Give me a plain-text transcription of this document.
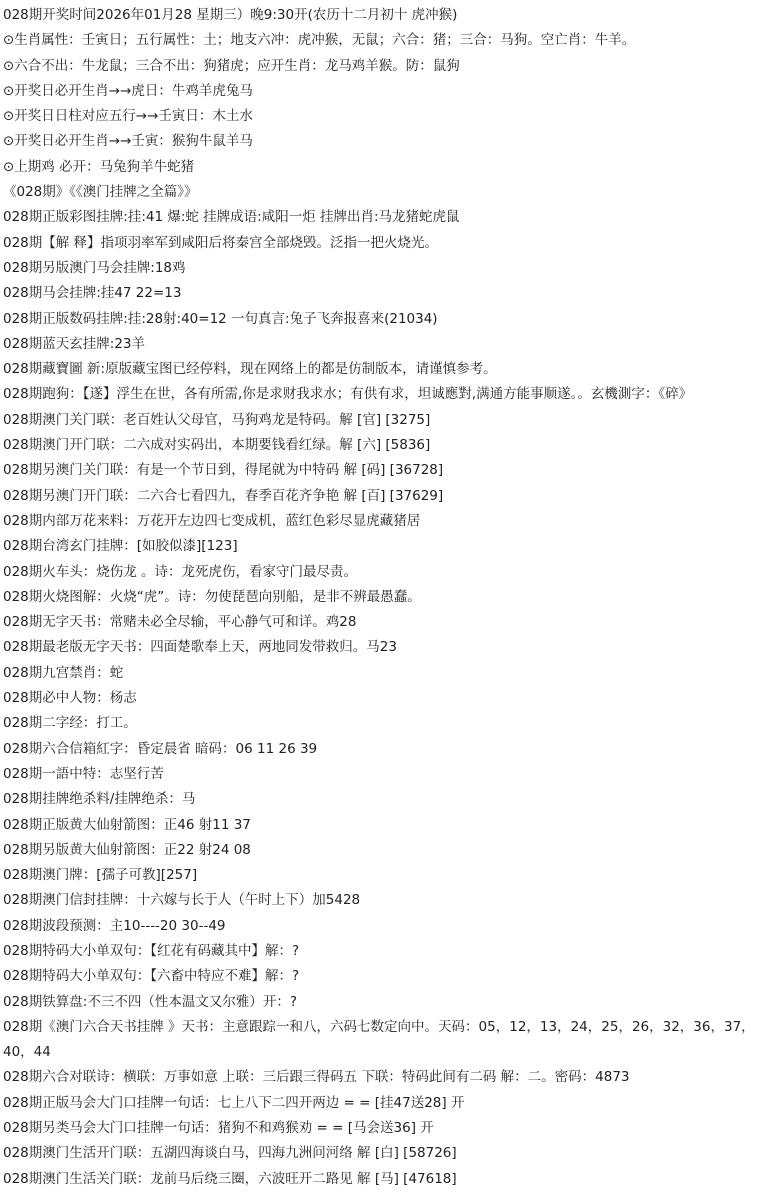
028期开奖时间2026年01月28 星期三）晚9:30开(农历十二月初十 虎冲猴)
⊙生肖属性：壬寅日；五行属性：土；地支六冲：虎冲猴，无鼠；六合：猪；三合：马狗。空亡肖：牛羊。
⊙六合不出：牛龙鼠；三合不出：狗猪虎；应开生肖：龙马鸡羊猴。防：鼠狗
⊙开奖日必开生肖→→虎日：牛鸡羊虎兔马
⊙开奖日日柱对应五行→→壬寅日：木土水
⊙开奖日必开生肖→→壬寅：猴狗牛鼠羊马
⊙上期鸡 必开：马兔狗羊牛蛇猪
《028期》《《澳门挂牌之全篇》》
028期正版彩图挂牌:挂:41 爆:蛇 挂牌成语:咸阳一炬 挂牌出肖:马龙猪蛇虎鼠
028期【解 释】指项羽率军到咸阳后将秦宫全部烧毁。泛指一把火烧光。
028期另版澳门马会挂牌:18鸡
028期马会挂牌:挂47 22=13
028期正版数码挂牌:挂:28射:40=12 一句真言:兔子飞奔报喜来(21034)
028期蓝天玄挂牌:23羊
028期藏寶圖 新:原版藏宝图已经停料，现在网络上的都是仿制版本，请谨慎参考。
028期跑狗：【遂】浮生在世，各有所需,你是求财我求水；有供有求，坦诚應對,满通方能事顺遂。。玄機測字：《碎》
028期澳门关门联：老百姓认父母官，马狗鸡龙是特码。解 [官] [3275]
028期澳门开门联：二六成对实码出，本期要钱看红绿。解 [六] [5836]
028期另澳门关门联：有是一个节日到，得尾就为中特码 解 [码] [36728]
028期另澳门开门联：二六合七看四九，春季百花齐争艳 解 [百] [37629]
028期内部万花来料：万花开左边四七变成机，蓝红色彩尽显虎藏猪居
028期台湾玄门挂牌：[如胶似漆][123]
028期火车头：烧伤龙 。诗：龙死虎伤，看家守门最尽责。
028期火烧图解：火烧“虎”。诗：勿使琵琶向别船，是非不辨最愚蠢。
028期无字天书：常赌未必全尽输，平心静气可和详。鸡28
028期最老版无字天书：四面楚歌奉上天，两地同发带救归。马23
028期九宫禁肖：蛇
028期必中人物：杨志
028期二字经：打工。
028期六合信箱紅字：昏定晨省 暗码：06 11 26 39
028期一語中特：志坚行苦
028期挂牌绝杀料/挂牌绝杀：马
028期正版黄大仙射箭图：正46 射11 37
028期另版黄大仙射箭图：正22 射24 08
028期澳门牌：[孺子可教][257]
028期澳门信封挂牌：十六嫁与长于人（午时上下）加5428
028期波段预测：主10----20 30--49
028期特码大小单双句：【红花有码藏其中】解：?
028期特码大小单双句：【六畜中特应不难】解：?
028期铁算盘:不三不四（性本温文又尔雅）开：?
028期《澳门六合天书挂牌 》天书：主意跟踪一和八，六码七数定向中。天码：05，12，13，24，25，26，32，36，37，40，44
028期六合对联诗：横联：万事如意 上联：三后跟三得码五 下联：特码此间有二码 解：二。密码：4873
028期正版马会大门口挂牌一句话：七上八下二四开两边 = = [挂47送28] 开
028期另类马会大门口挂牌一句话：猪狗不和鸡猴劝 = = [马会送36] 开
028期澳门生活开门联：五湖四海谈白马，四海九洲问河络 解 [白] [58726]
028期澳门生活关门联：龙前马后绕三圈，六波旺开二路见 解 [马] [47618]
